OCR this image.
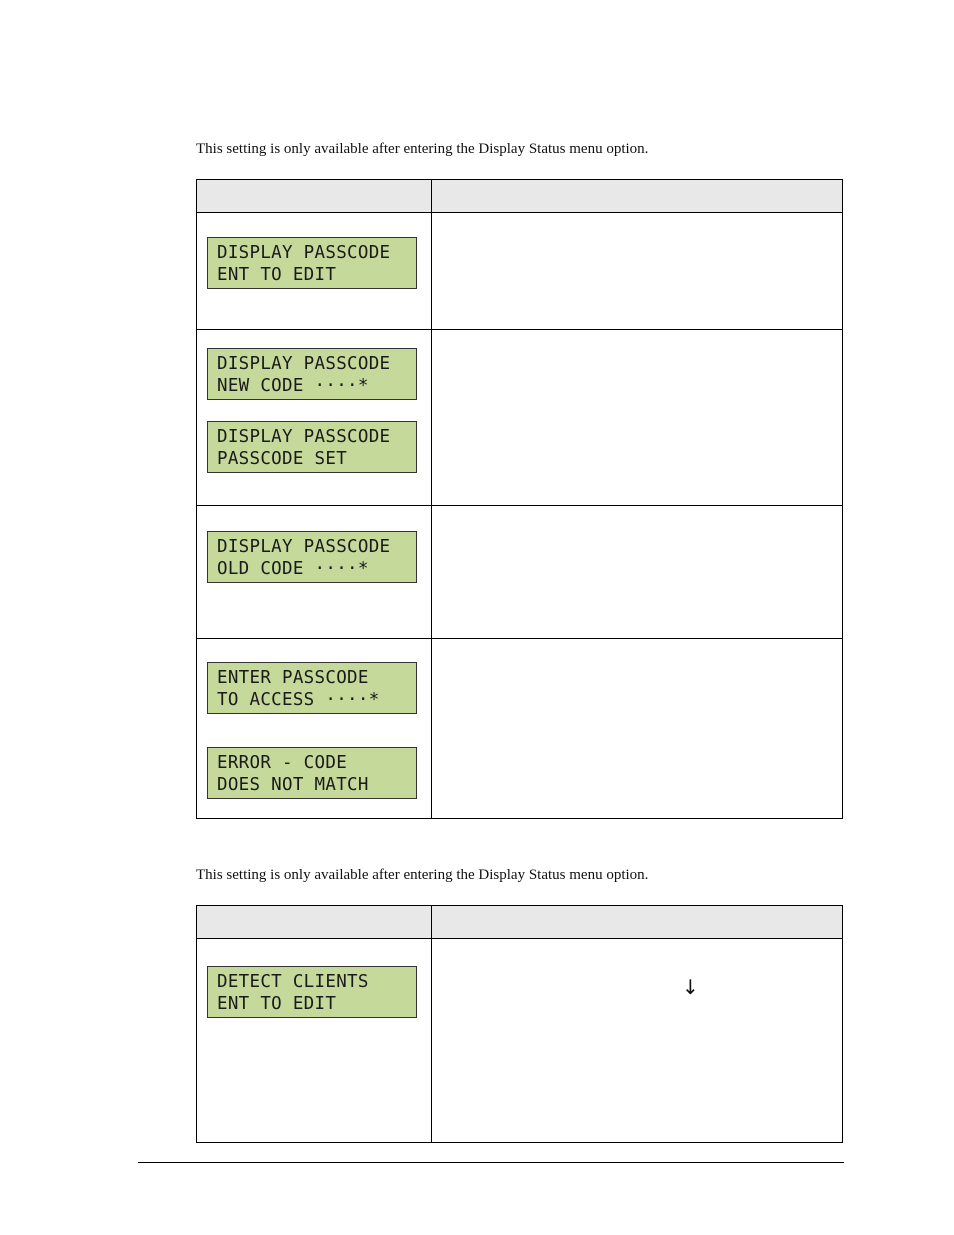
This setting is only available after entering the Display Status menu option.

DISPLAY PASSCODE
ENT TO EDIT	

DISPLAY PASSCODE
NEW CODE ····*
DISPLAY PASSCODE
PASSCODE SET	

DISPLAY PASSCODE
OLD CODE ····*	

ENTER PASSCODE
TO ACCESS ····*
ERROR - CODE
DOES NOT MATCH	

This setting is only available after entering the Display Status menu option.

DETECT CLIENTS
ENT TO EDIT	↓
